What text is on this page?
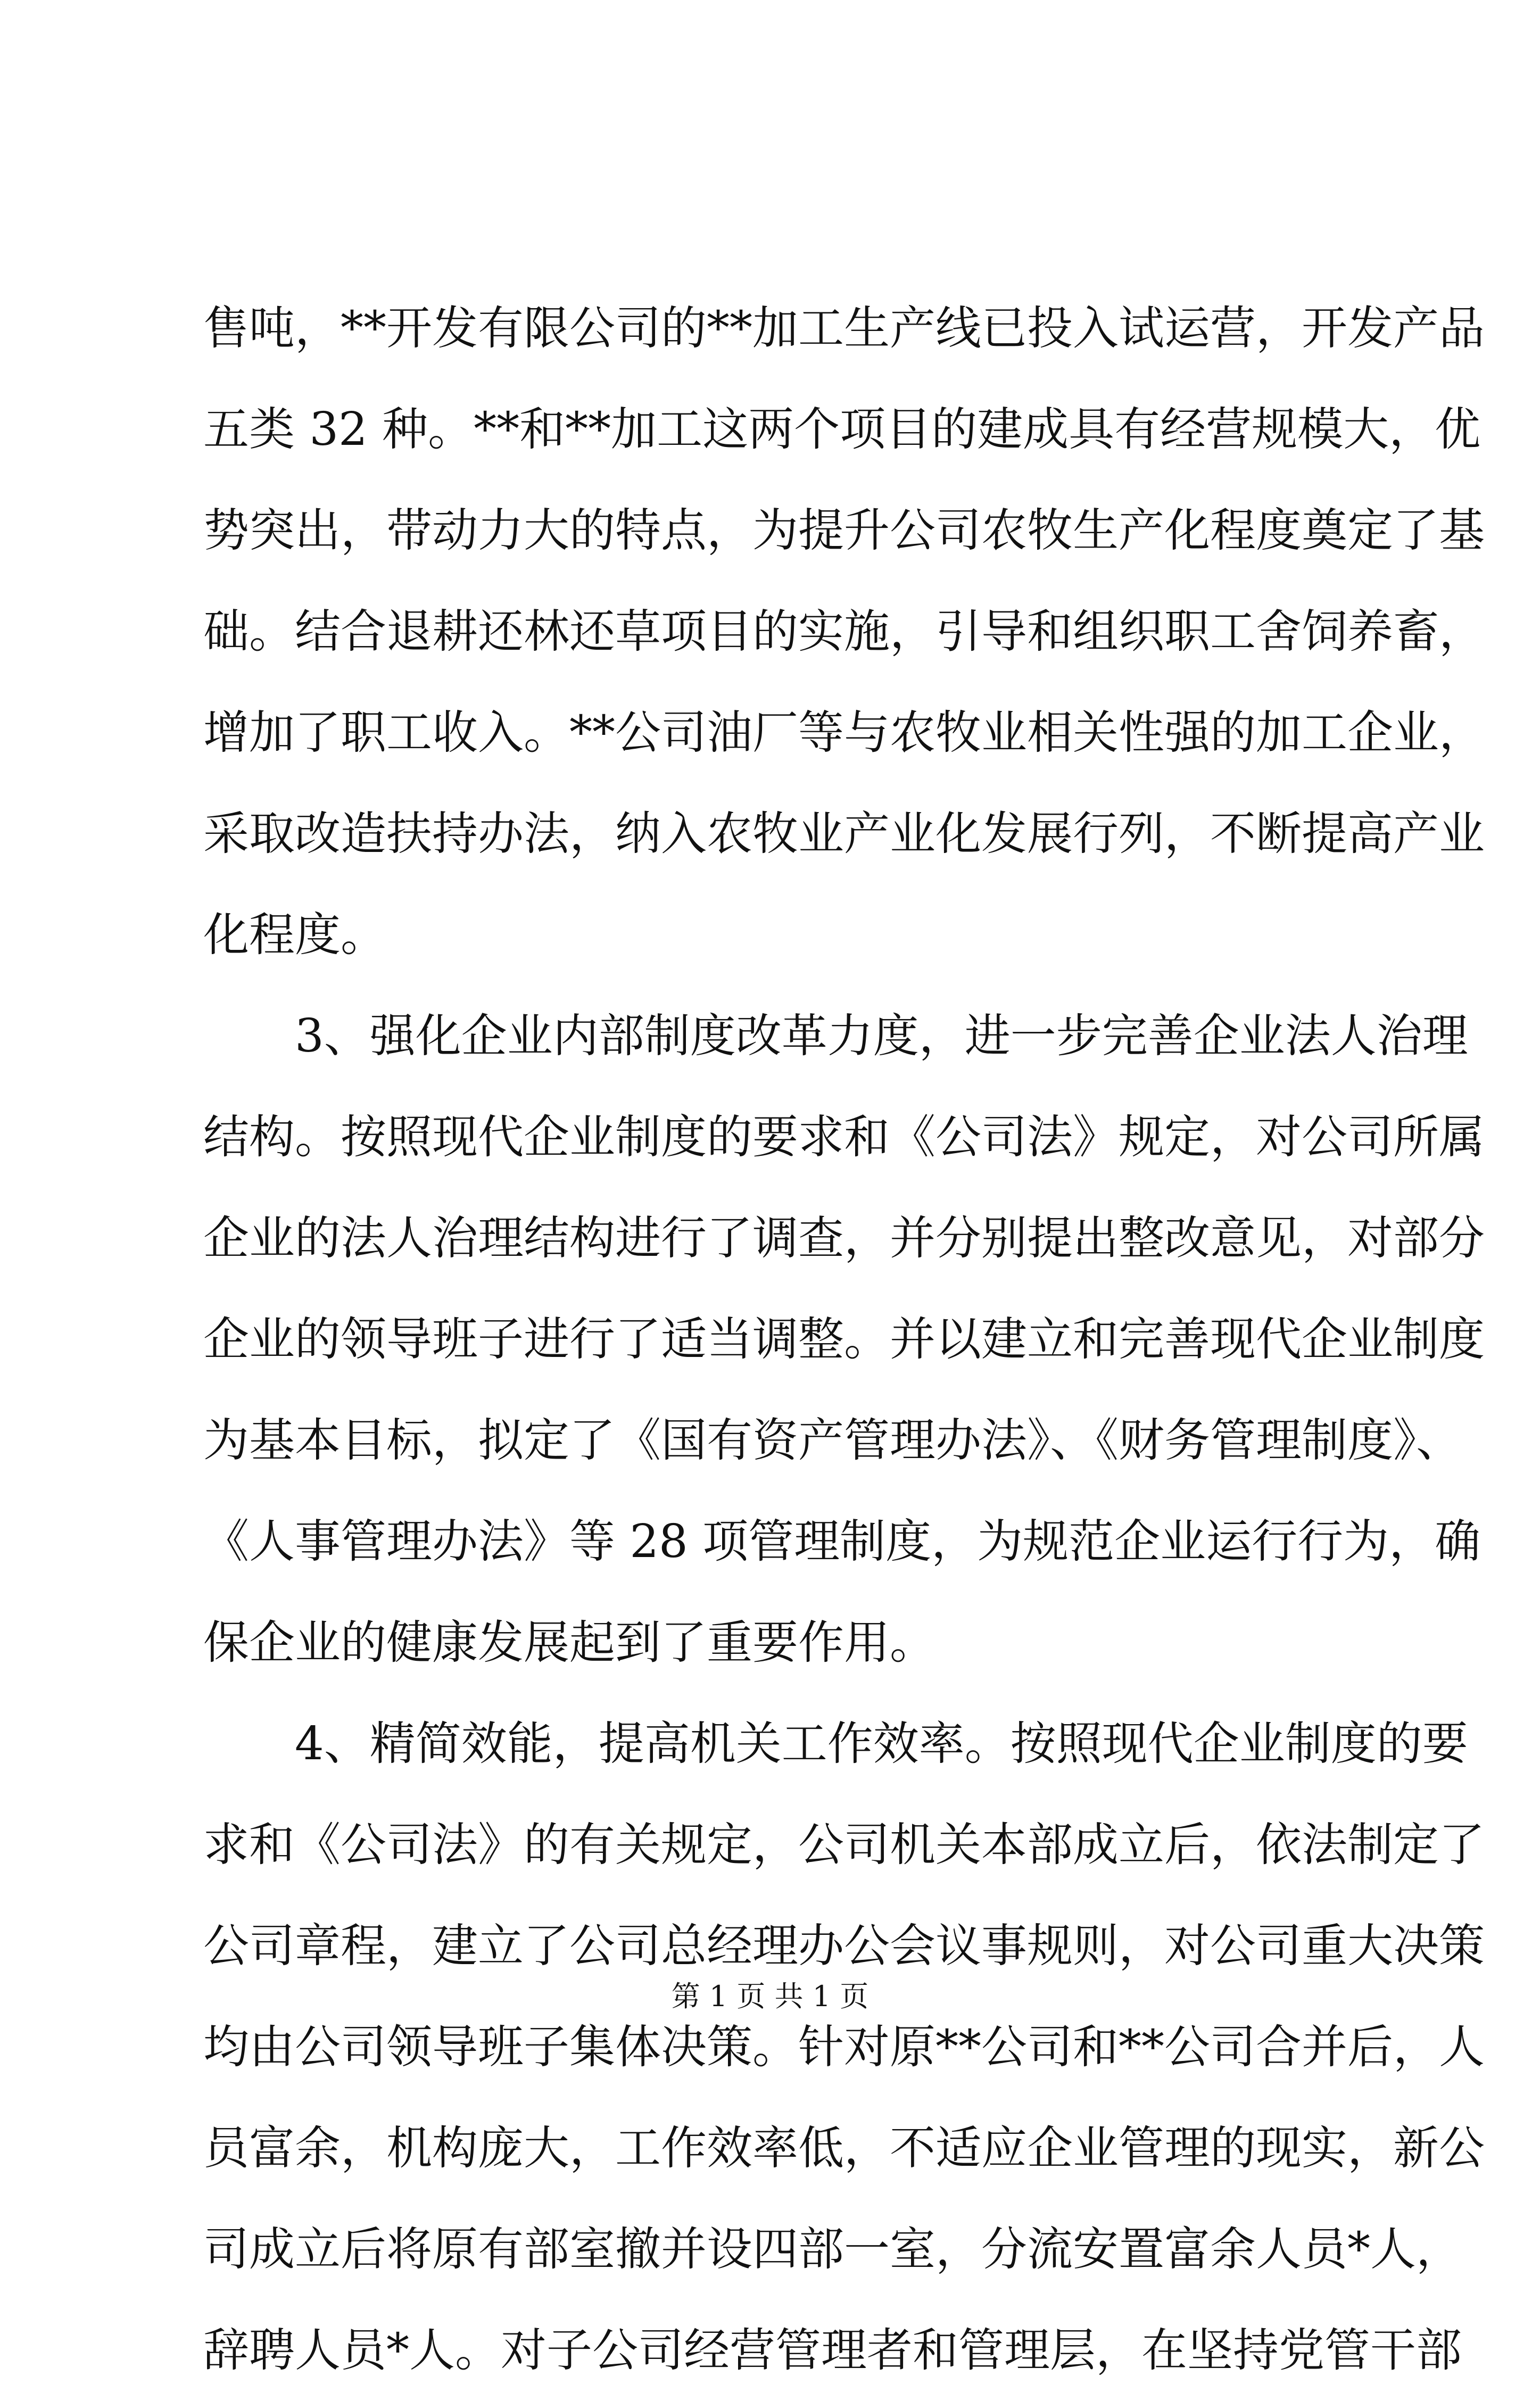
售吨，**开发有限公司的**加工生产线已投入试运营，开发产品
五类 32 种。**和**加工这两个项目的建成具有经营规模大，优
势突出，带动力大的特点，为提升公司农牧生产化程度奠定了基
础。结合退耕还林还草项目的实施，引导和组织职工舍饲养畜，
增加了职工收入。**公司油厂等与农牧业相关性强的加工企业，
采取改造扶持办法，纳入农牧业产业化发展行列，不断提高产业
化程度。
3、强化企业内部制度改革力度，进一步完善企业法人治理
结构。按照现代企业制度的要求和《公司法》规定，对公司所属
企业的法人治理结构进行了调查，并分别提出整改意见，对部分
企业的领导班子进行了适当调整。并以建立和完善现代企业制度
为基本目标，拟定了《国有资产管理办法》、《财务管理制度》、
《人事管理办法》等 28 项管理制度，为规范企业运行行为，确
保企业的健康发展起到了重要作用。
4、精简效能，提高机关工作效率。按照现代企业制度的要
求和《公司法》的有关规定，公司机关本部成立后，依法制定了
公司章程，建立了公司总经理办公会议事规则，对公司重大决策
均由公司领导班子集体决策。针对原**公司和**公司合并后，人
员富余，机构庞大，工作效率低，不适应企业管理的现实，新公
司成立后将原有部室撤并设四部一室，分流安置富余人员*人，
辞聘人员*人。对子公司经营管理者和管理层，在坚持党管干部
第 1 页 共 1 页
